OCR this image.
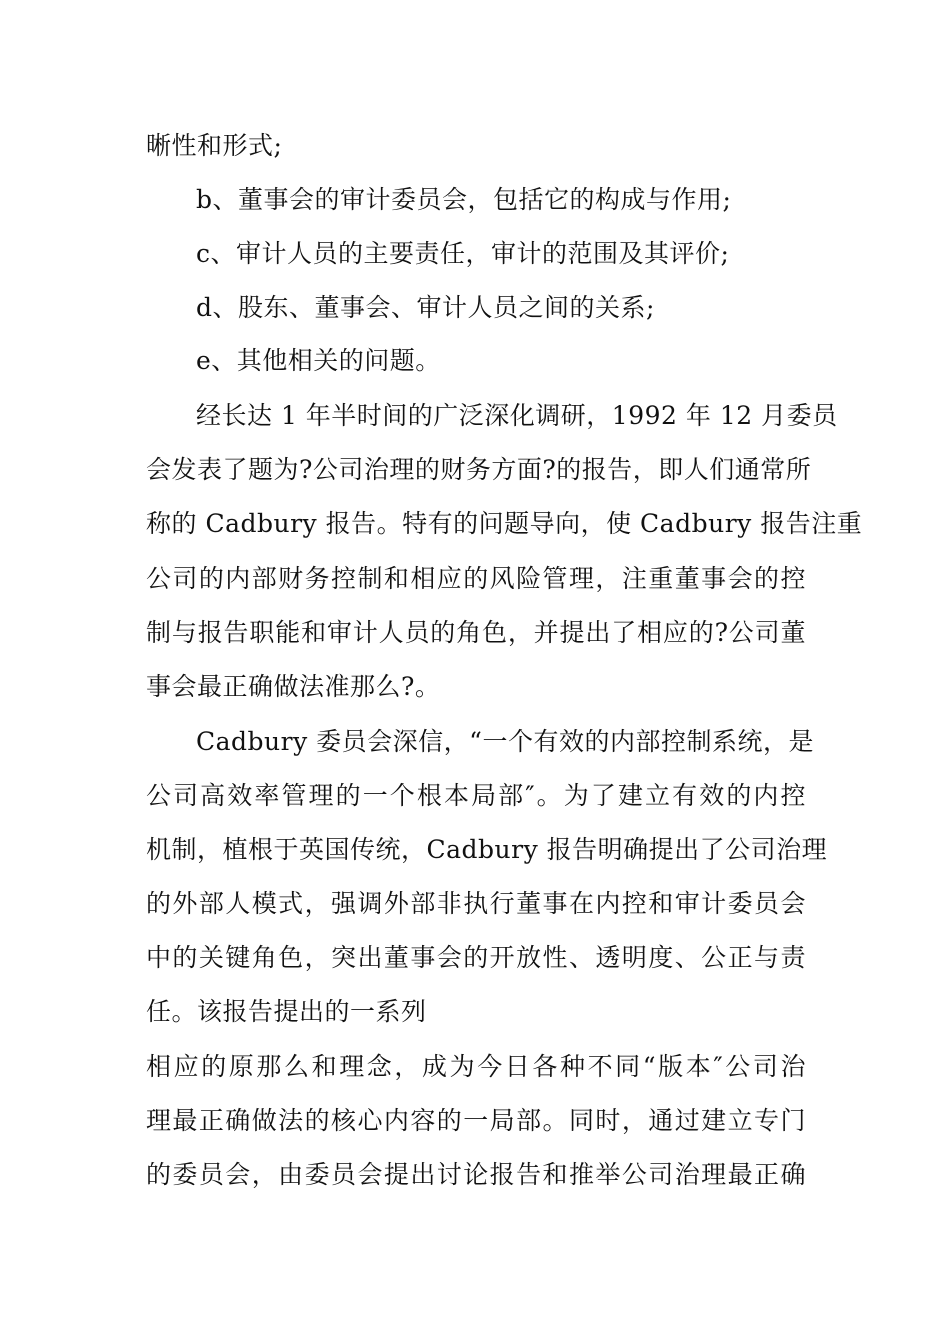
晰性和形式;
b、董事会的审计委员会，包括它的构成与作用;
c、审计人员的主要责任，审计的范围及其评价;
d、股东、董事会、审计人员之间的关系;
e、其他相关的问题。
经长达 1 年半时间的广泛深化调研，1992 年 12 月委员
会发表了题为?公司治理的财务方面?的报告，即人们通常所
称的 Cadbury 报告。特有的问题导向，使 Cadbury 报告注重
公司的内部财务控制和相应的风险管理，注重董事会的控
制与报告职能和审计人员的角色，并提出了相应的?公司董
事会最正确做法准那么?。
Cadbury 委员会深信，“一个有效的内部控制系统，是
公司高效率管理的一个根本局部″。为了建立有效的内控
机制，植根于英国传统，Cadbury 报告明确提出了公司治理
的外部人模式，强调外部非执行董事在内控和审计委员会
中的关键角色，突出董事会的开放性、透明度、公正与责
任。该报告提出的一系列
相应的原那么和理念，成为今日各种不同“版本″公司治
理最正确做法的核心内容的一局部。同时，通过建立专门
的委员会，由委员会提出讨论报告和推举公司治理最正确
